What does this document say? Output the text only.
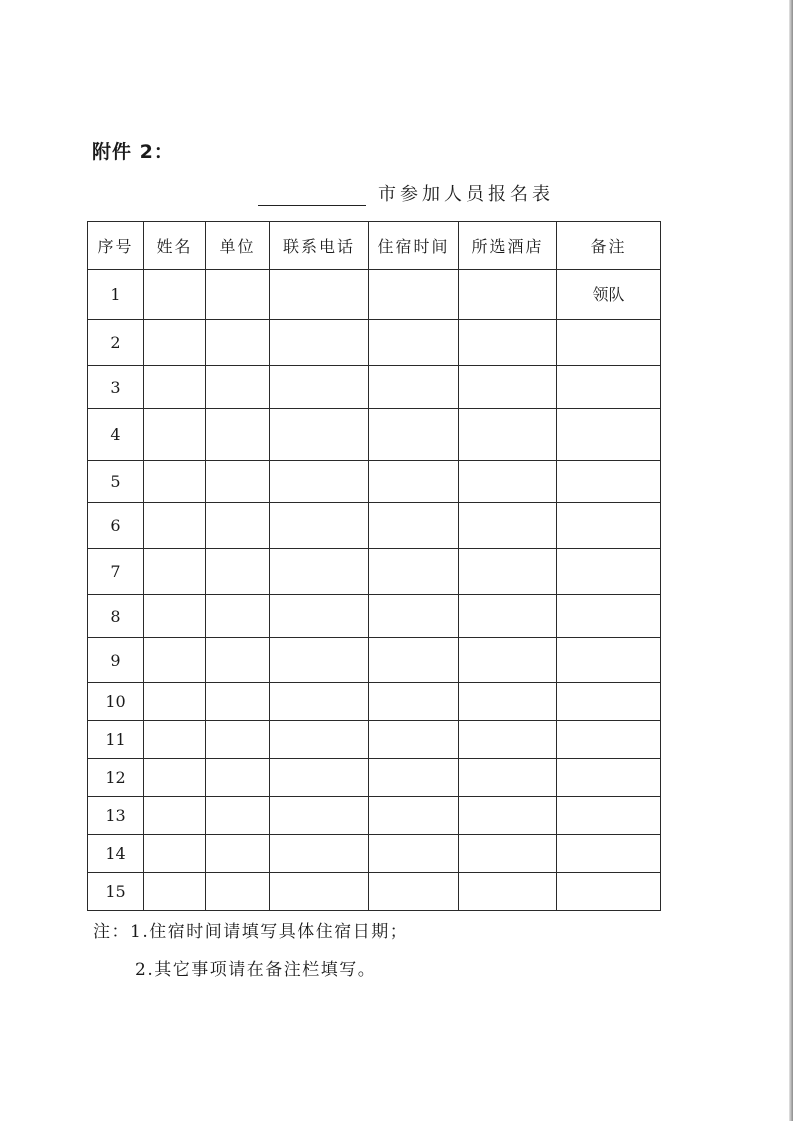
附件 2：
市参加人员报名表
序号	姓名	单位	联系电话	住宿时间	所选酒店	备注
1						领队
2						
3						
4						
5						
6						
7						
8						
9						
10						
11						
12						
13						
14						
15						
注：1.住宿时间请填写具体住宿日期；
2.其它事项请在备注栏填写。
